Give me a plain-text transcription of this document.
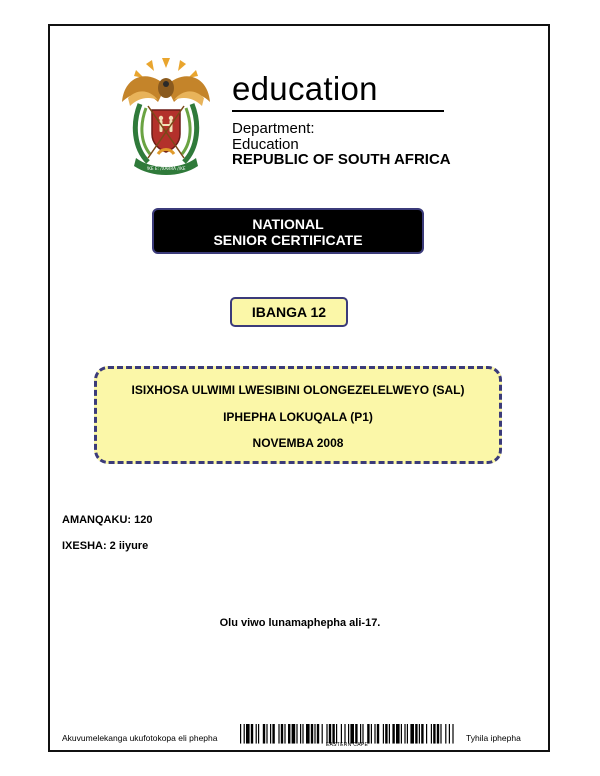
!KE E: /XARRA //KE
education
Department:
Education
REPUBLIC OF SOUTH AFRICA
NATIONAL
SENIOR CERTIFICATE
IBANGA 12
ISIXHOSA ULWIMI LWESIBINI OLONGEZELELWEYO (SAL)
IPHEPHA LOKUQALA (P1)
NOVEMBA 2008
AMANQAKU: 120
IXESHA: 2 iiyure
Olu viwo lunamaphepha ali-17.
Akuvumelekanga ukufotokopa eli phepha
EASTERN CAPE
Tyhila iphepha
